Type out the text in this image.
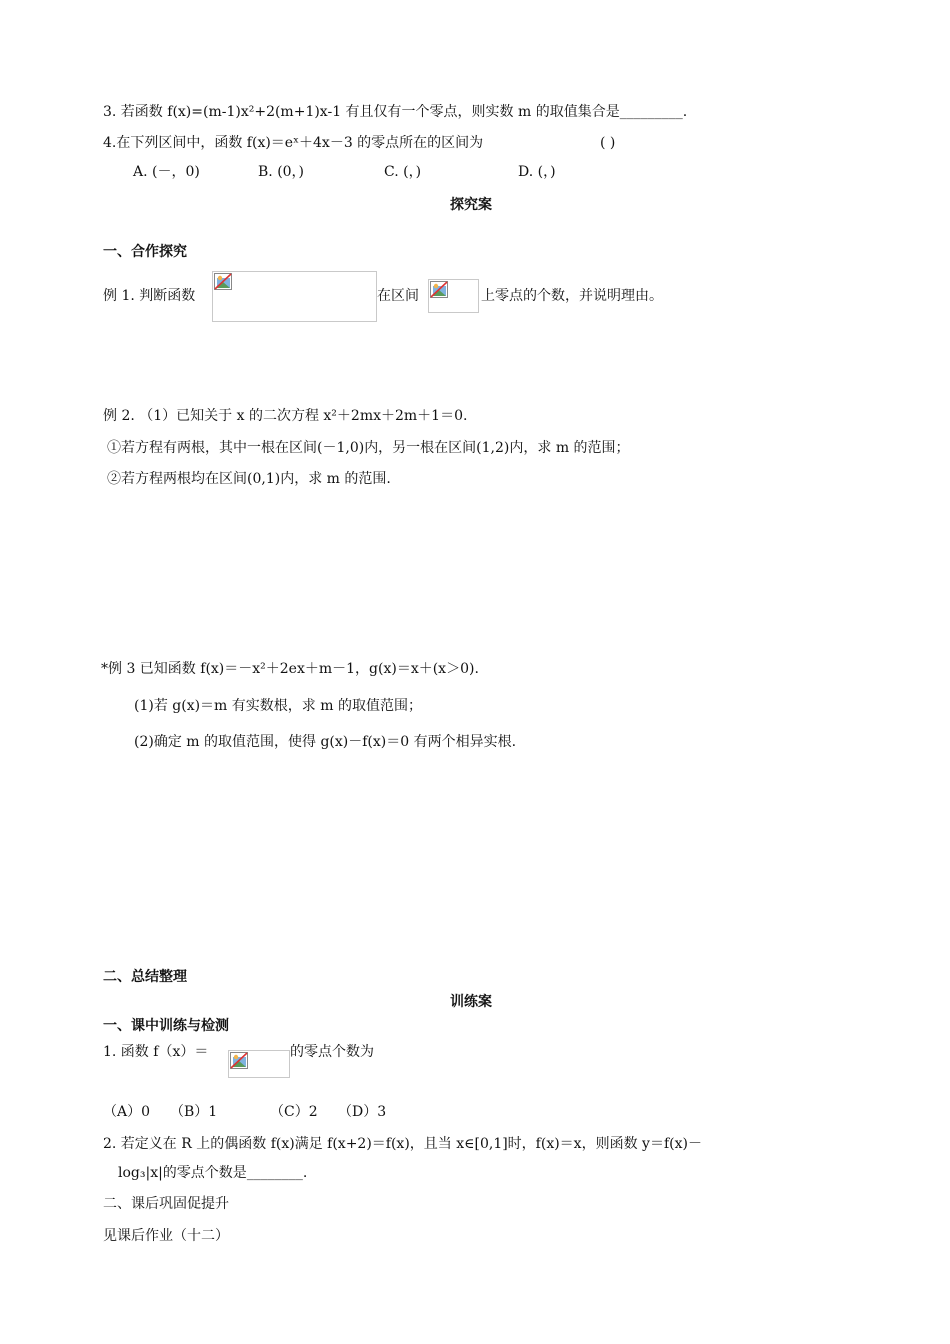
3. 若函数 f(x)=(m-1)x²+2(m+1)x-1 有且仅有一个零点，则实数 m 的取值集合是_________.
4.在下列区间中，函数 f(x)＝eˣ＋4x－3 的零点所在的区间为	( )
A. (－，0)	B. (0，)	C. (，)	D. (，)
探究案
一、合作探究
例 1. 判断函数	在区间	上零点的个数，并说明理由。
例 2. （1）已知关于 x 的二次方程 x²＋2mx＋2m＋1＝0.
①若方程有两根，其中一根在区间(－1,0)内，另一根在区间(1,2)内，求 m 的范围；
②若方程两根均在区间(0,1)内，求 m 的范围.
*例 3 已知函数 f(x)＝－x²＋2ex＋m－1，g(x)＝x＋(x＞0).
(1)若 g(x)＝m 有实数根，求 m 的取值范围；
(2)确定 m 的取值范围，使得 g(x)－f(x)＝0 有两个相异实根.
二、总结整理
训练案
一、课中训练与检测
1. 函数 f（x）＝	的零点个数为
（A）0 （B）1	（C）2 （D）3
2. 若定义在 R 上的偶函数 f(x)满足 f(x+2)＝f(x)，且当 x∈[0,1]时，f(x)＝x，则函数 y＝f(x)－
log₃|x|的零点个数是________.
二、课后巩固促提升
见课后作业（十二）
